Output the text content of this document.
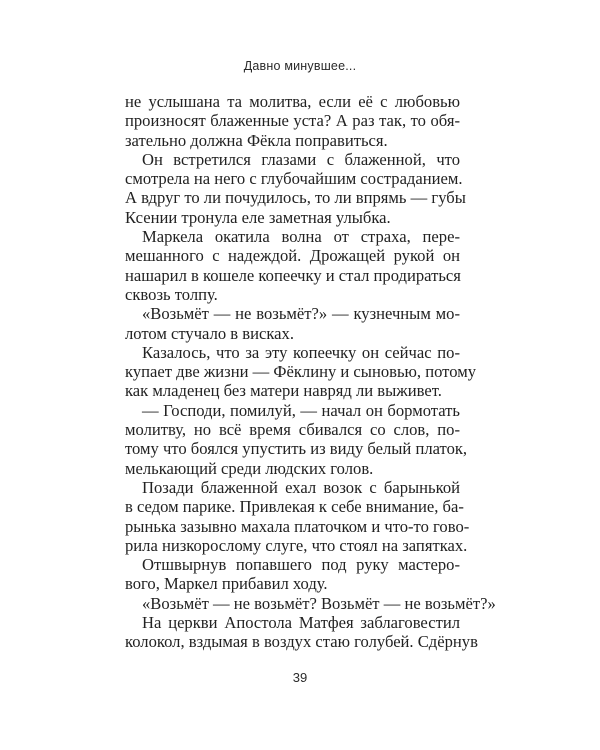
Давно минувшее...
не услышана та молитва, если её с любовью
произносят блаженные уста? А раз так, то обя-
зательно должна Фёкла поправиться.
Он встретился глазами с блаженной, что
смотрела на него с глубочайшим состраданием.
А вдруг то ли почудилось, то ли впрямь — губы
Ксении тронула еле заметная улыбка.
Маркела окатила волна от страха, пере-
мешанного с надеждой. Дрожащей рукой он
нашарил в кошеле копеечку и стал продираться
сквозь толпу.
«Возьмёт — не возьмёт?» — кузнечным мо-
лотом стучало в висках.
Казалось, что за эту копеечку он сейчас по-
купает две жизни — Фёклину и сыновью, потому
как младенец без матери навряд ли выживет.
— Господи, помилуй, — начал он бормотать
молитву, но всё время сбивался со слов, по-
тому что боялся упустить из виду белый платок,
мелькающий среди людских голов.
Позади блаженной ехал возок с барынькой
в седом парике. Привлекая к себе внимание, ба-
рынька зазывно махала платочком и что-то гово-
рила низкорослому слуге, что стоял на запятках.
Отшвырнув попавшего под руку мастеро-
вого, Маркел прибавил ходу.
«Возьмёт — не возьмёт? Возьмёт — не возьмёт?»
На церкви Апостола Матфея заблаговестил
колокол, вздымая в воздух стаю голубей. Сдёрнув
39
